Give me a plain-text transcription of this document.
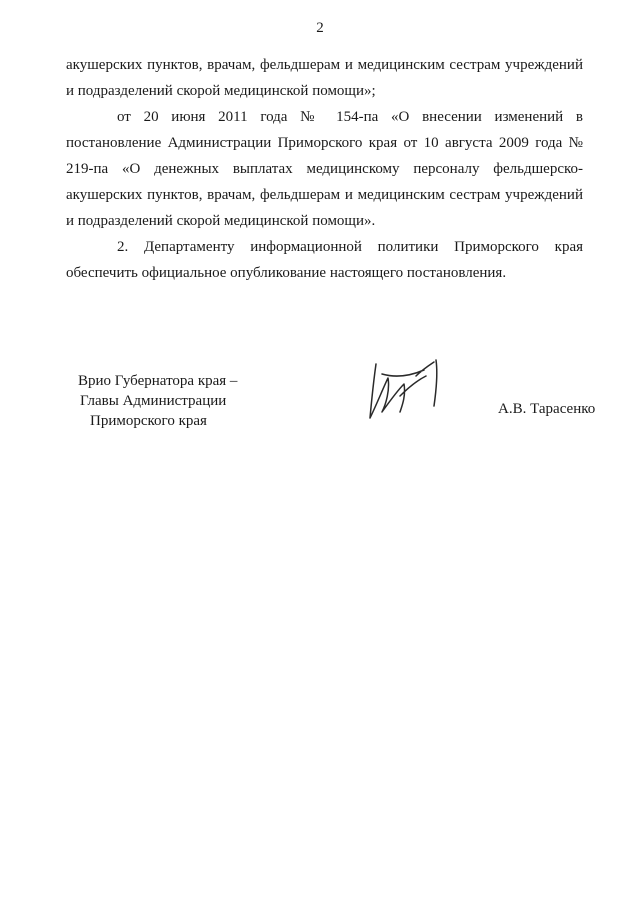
2

акушерских пунктов, врачам, фельдшерам и медицинским сестрам учреждений и подразделений скорой медицинской помощи»;

от 20 июня 2011 года № 154-па «О внесении изменений в постановление Администрации Приморского края от 10 августа 2009 года № 219-па «О денежных выплатах медицинскому персоналу фельдшерско-акушерских пунктов, врачам, фельдшерам и медицинским сестрам учреждений и подразделений скорой медицинской помощи».

2. Департаменту информационной политики Приморского края обеспечить официальное опубликование настоящего постановления.

Врио Губернатора края –
Главы Администрации
Приморского края
А.В. Тарасенко
